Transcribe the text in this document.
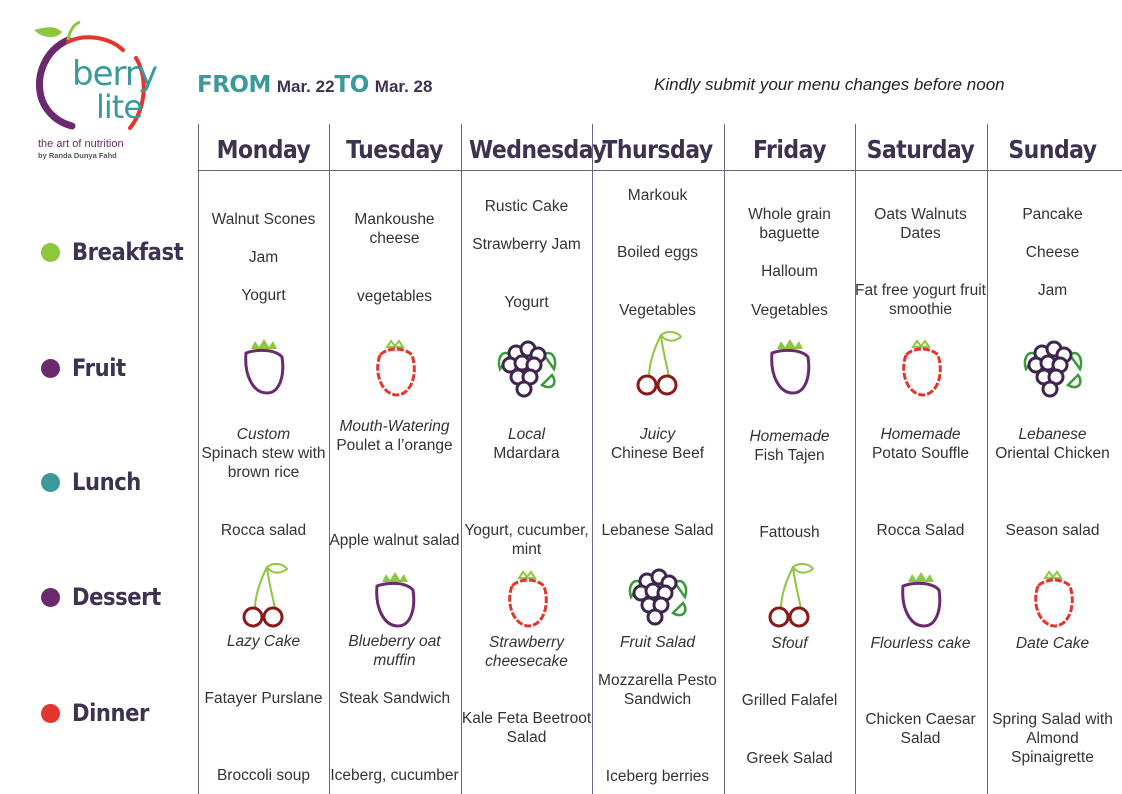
berry
lite
the art of nutrition
by Randa Dunya Fahd
FROM Mar. 22 TO Mar. 28	Kindly submit your menu changes before noon
Monday
Walnut Scones
Jam
Yogurt
Custom
Spinach stew with brown rice
Rocca salad
Lazy Cake
Fatayer Purslane
Broccoli soup
Tuesday
Mankoushe cheese
vegetables
Mouth-Watering
Poulet a l’orange
Apple walnut salad
Blueberry oat muffin
Steak Sandwich
Iceberg, cucumber
Wednesday
Rustic Cake
Strawberry Jam
Yogurt
Local
Mdardara
Yogurt, cucumber, mint
Strawberry cheesecake
Kale Feta Beetroot Salad
Thursday
Markouk
Boiled eggs
Vegetables
Juicy
Chinese Beef
Lebanese Salad
Fruit Salad
Mozzarella Pesto Sandwich
Iceberg berries
Friday
Whole grain baguette
Halloum
Vegetables
Homemade
Fish Tajen
Fattoush
Sfouf
Grilled Falafel
Greek Salad
Saturday
Oats Walnuts Dates
Fat free yogurt fruit smoothie
Homemade
Potato Souffle
Rocca Salad
Flourless cake
Chicken Caesar Salad
Sunday
Pancake
Cheese
Jam
Lebanese
Oriental Chicken
Season salad
Date Cake
Spring Salad with Almond Spinaigrette
Breakfast
Fruit
Lunch
Dessert
Dinner
